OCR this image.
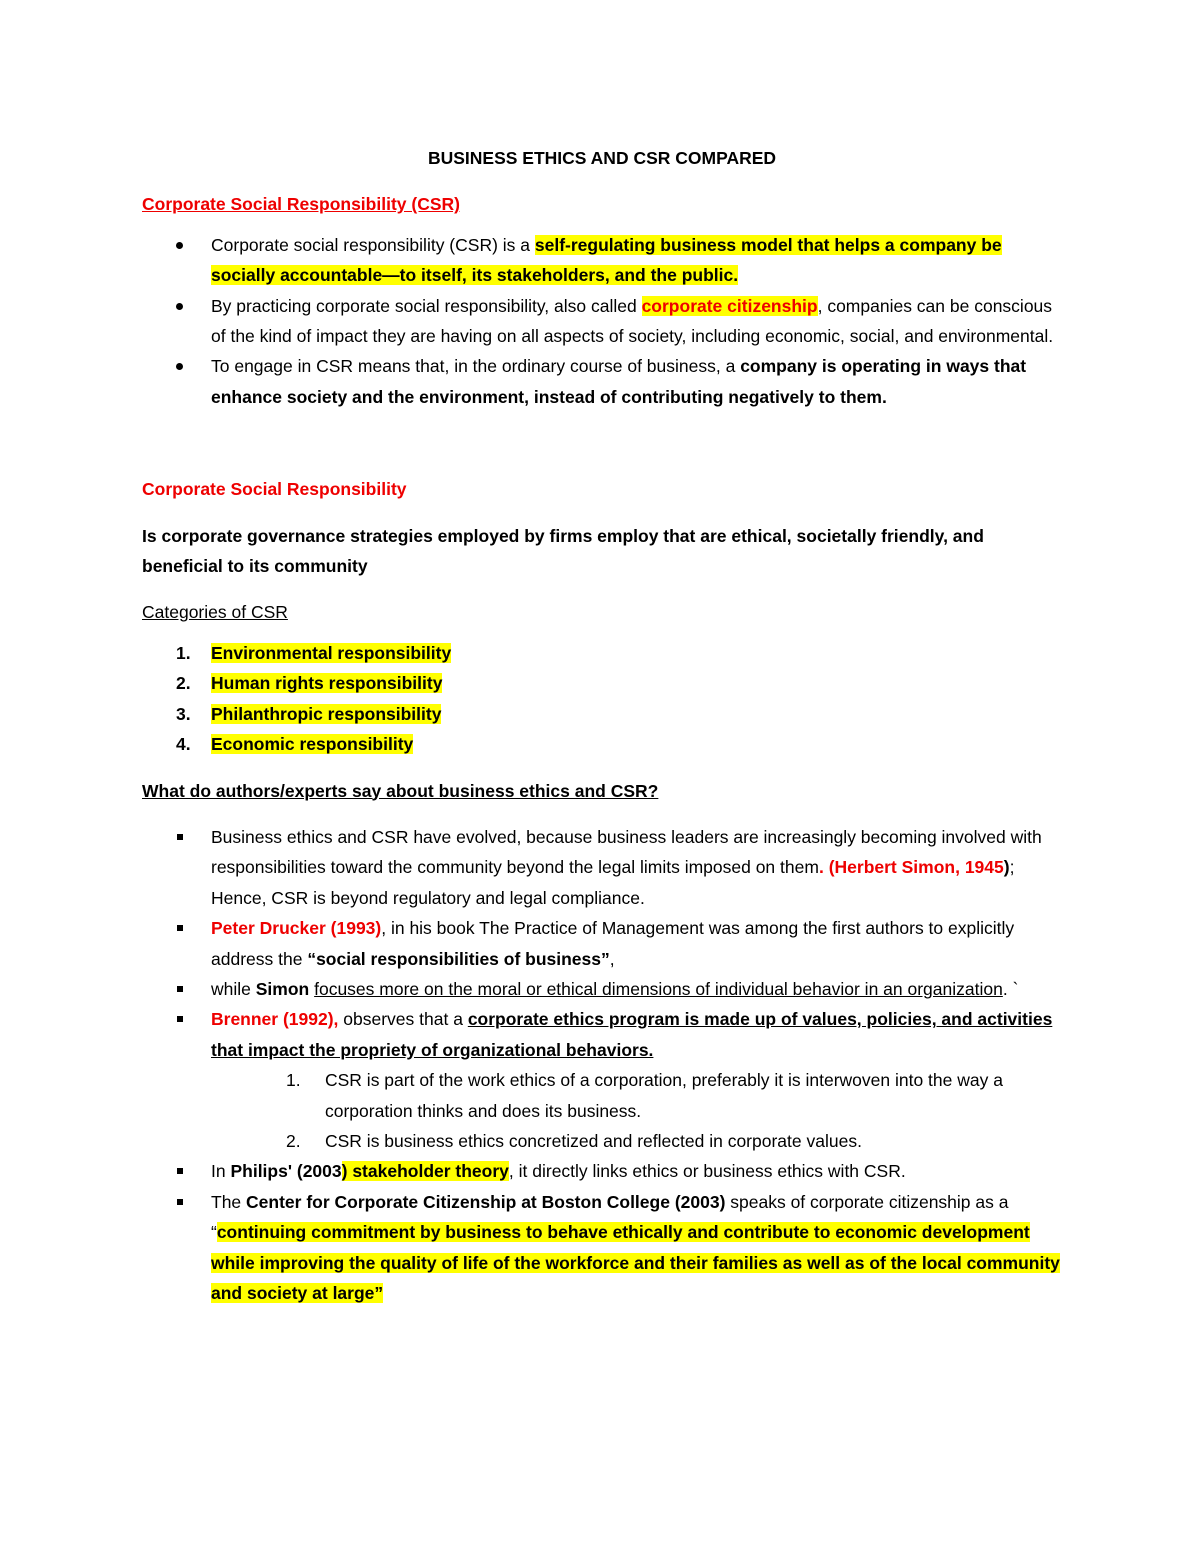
BUSINESS ETHICS AND CSR COMPARED

Corporate Social Responsibility (CSR)

Corporate social responsibility (CSR) is a self-regulating business model that helps a company be socially accountable—to itself, its stakeholders, and the public.
By practicing corporate social responsibility, also called corporate citizenship, companies can be conscious of the kind of impact they are having on all aspects of society, including economic, social, and environmental.
To engage in CSR means that, in the ordinary course of business, a company is operating in ways that enhance society and the environment, instead of contributing negatively to them.

Corporate Social Responsibility

Is corporate governance strategies employed by firms employ that are ethical, societally friendly, and beneficial to its community

Categories of CSR

1. Environmental responsibility
2. Human rights responsibility
3. Philanthropic responsibility
4. Economic responsibility

What do authors/experts say about business ethics and CSR?

Business ethics and CSR have evolved, because business leaders are increasingly becoming involved with responsibilities toward the community beyond the legal limits imposed on them. (Herbert Simon, 1945); Hence, CSR is beyond regulatory and legal compliance.
Peter Drucker (1993), in his book The Practice of Management was among the first authors to explicitly address the “social responsibilities of business”,
while Simon focuses more on the moral or ethical dimensions of individual behavior in an organization. `
Brenner (1992), observes that a corporate ethics program is made up of values, policies, and activities that impact the propriety of organizational behaviors.
1. CSR is part of the work ethics of a corporation, preferably it is interwoven into the way a corporation thinks and does its business.
2. CSR is business ethics concretized and reflected in corporate values.
In Philips' (2003) stakeholder theory, it directly links ethics or business ethics with CSR.
The Center for Corporate Citizenship at Boston College (2003) speaks of corporate citizenship as a “continuing commitment by business to behave ethically and contribute to economic development while improving the quality of life of the workforce and their families as well as of the local community and society at large”
